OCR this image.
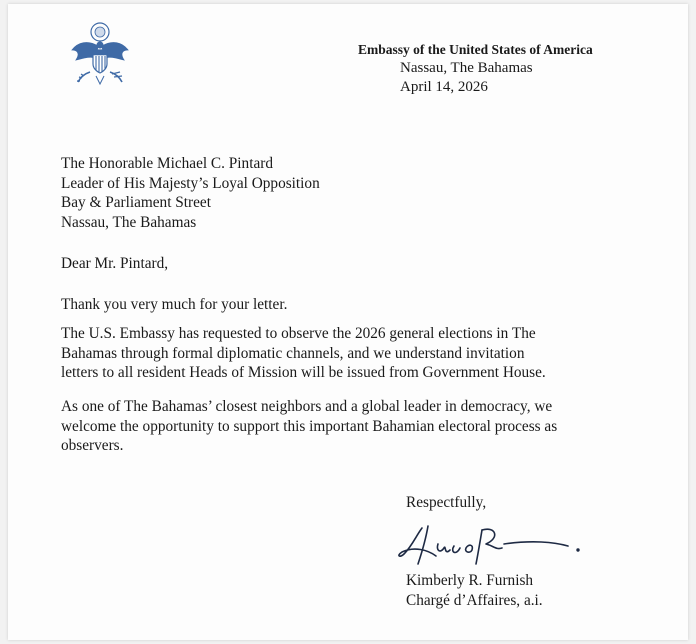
Embassy of the United States of America
Nassau, The Bahamas
April 14, 2026
The Honorable Michael C. Pintard
Leader of His Majesty’s Loyal Opposition
Bay & Parliament Street
Nassau, The Bahamas
Dear Mr. Pintard,
Thank you very much for your letter.
The U.S. Embassy has requested to observe the 2026 general elections in The
Bahamas through formal diplomatic channels, and we understand invitation
letters to all resident Heads of Mission will be issued from Government House.
As one of The Bahamas’ closest neighbors and a global leader in democracy, we
welcome the opportunity to support this important Bahamian electoral process as
observers.
Respectfully,
Kimberly R. Furnish
Chargé d’Affaires, a.i.
